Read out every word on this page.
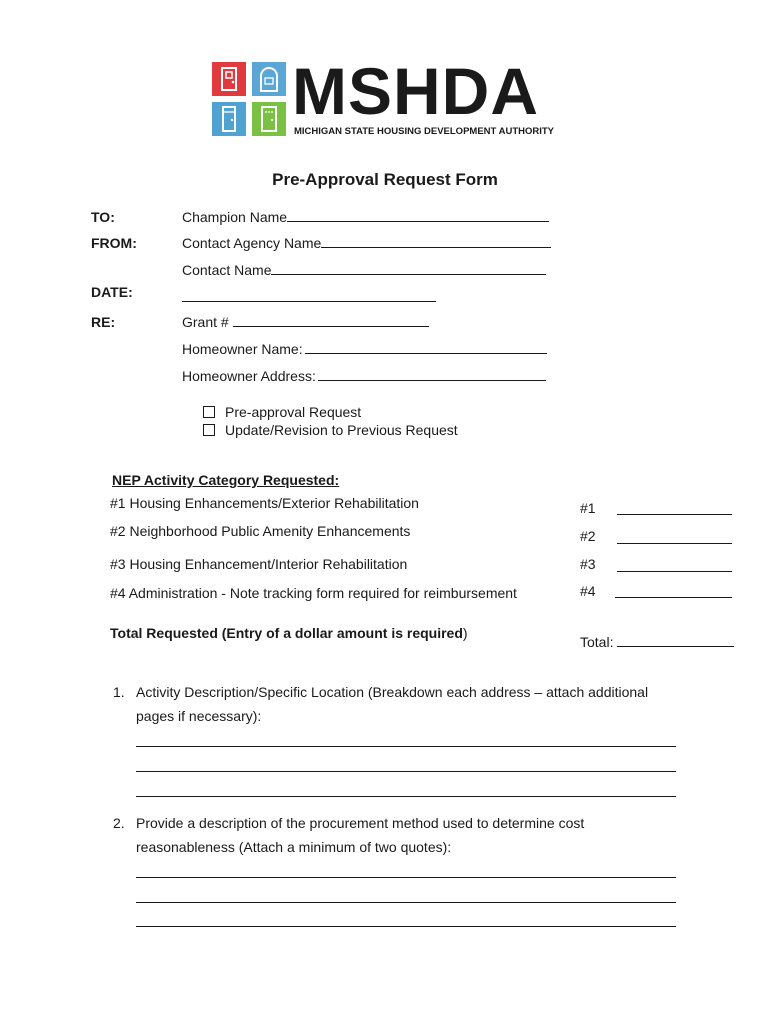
MSHDA
MICHIGAN STATE HOUSING DEVELOPMENT AUTHORITY
Pre-Approval Request Form
TO:	Champion Name
FROM:	Contact Agency Name
Contact Name
DATE:
RE:	Grant #
Homeowner Name:
Homeowner Address:
Pre-approval Request
Update/Revision to Previous Request
NEP Activity Category Requested:
#1 Housing Enhancements/Exterior Rehabilitation	#1
#2 Neighborhood Public Amenity Enhancements	#2
#3 Housing Enhancement/Interior Rehabilitation	#3
#4 Administration - Note tracking form required for reimbursement	#4
Total Requested (Entry of a dollar amount is required)
Total:
1. Activity Description/Specific Location (Breakdown each address – attach additional
pages if necessary):
2. Provide a description of the procurement method used to determine cost
reasonableness (Attach a minimum of two quotes):
